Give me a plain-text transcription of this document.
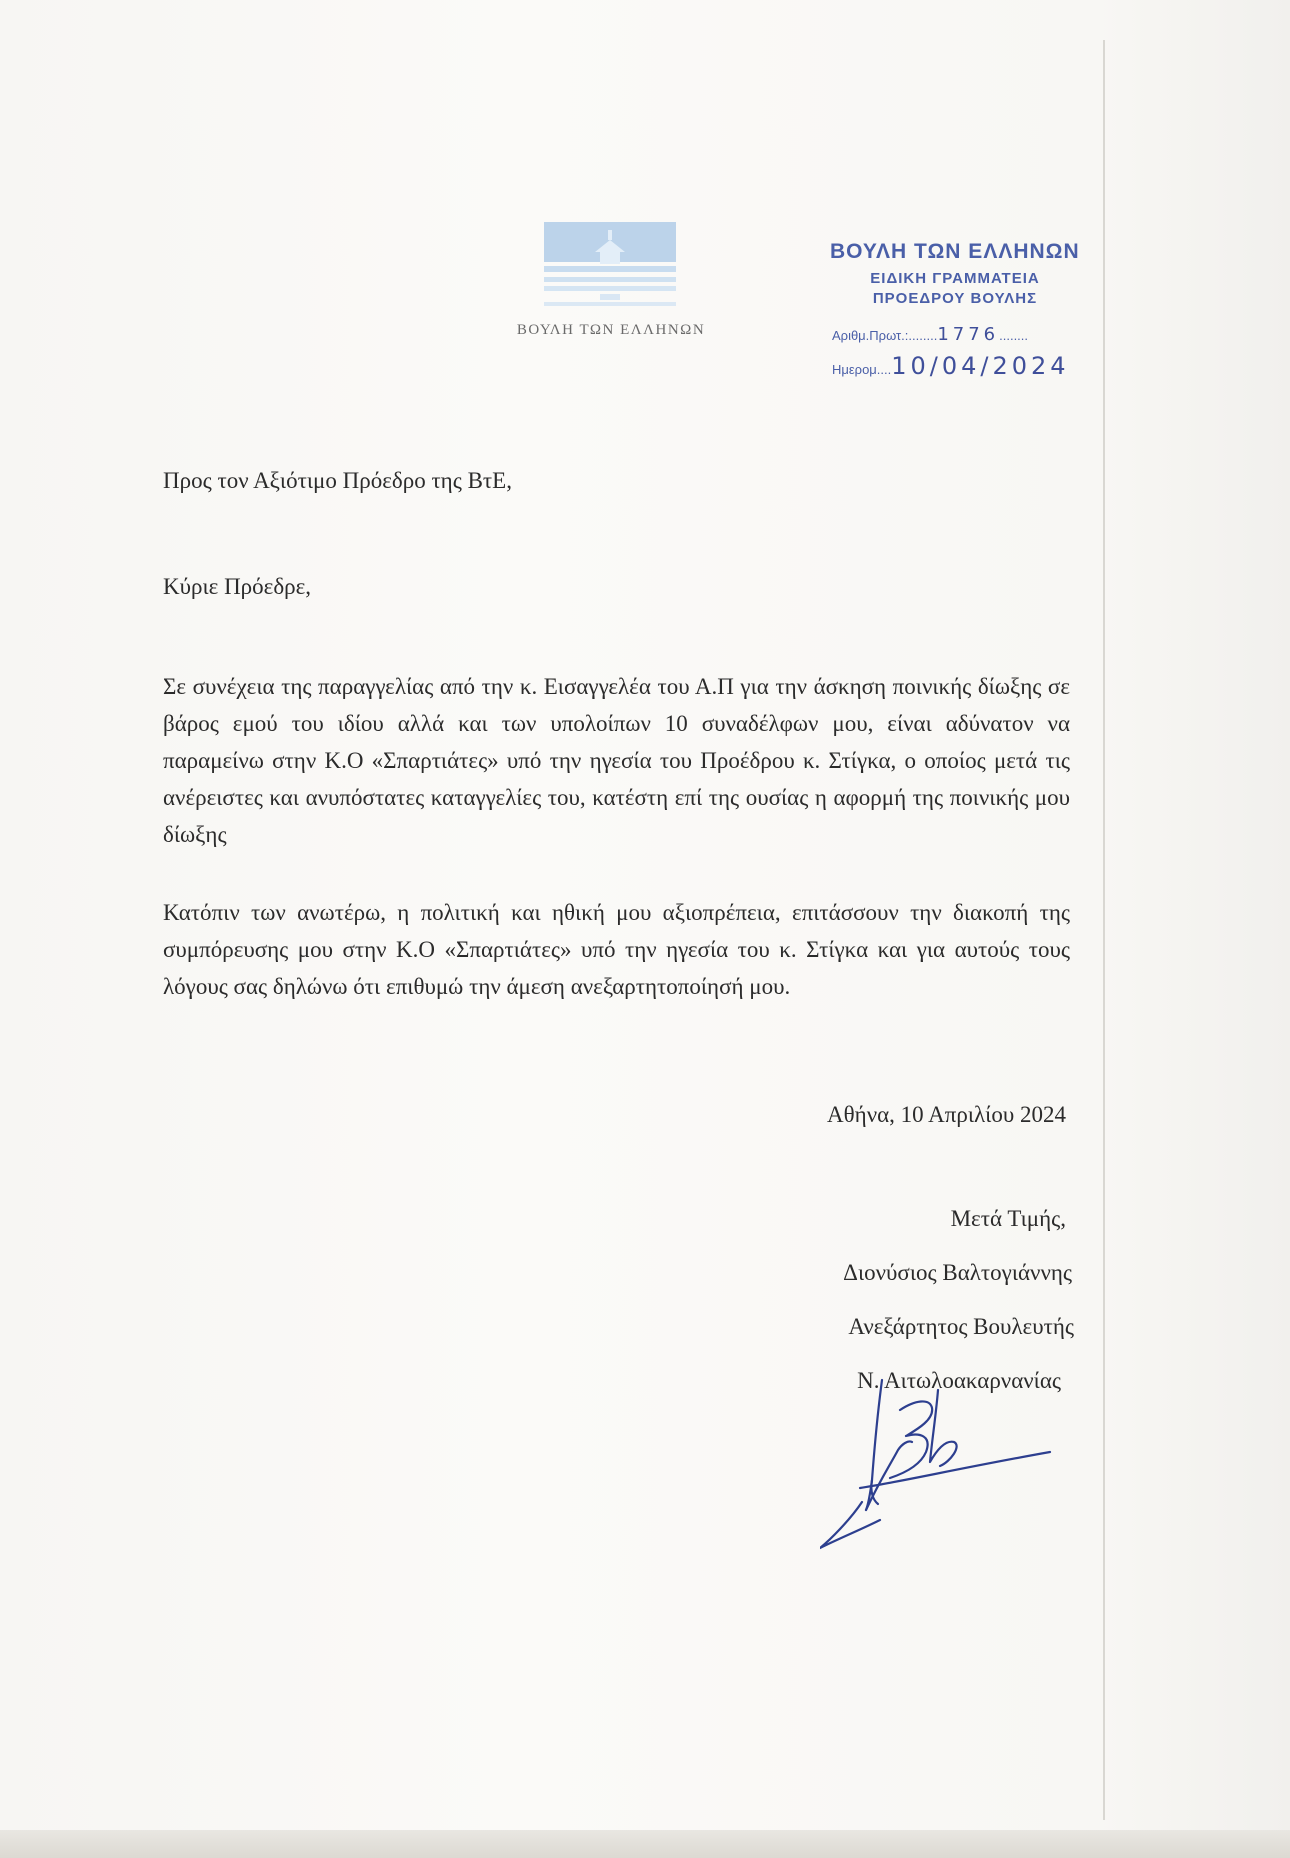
ΒΟΥΛΗ ΤΩΝ ΕΛΛΗΝΩΝ
ΒΟΥΛΗ ΤΩΝ ΕΛΛΗΝΩΝ
ΕΙΔΙΚΗ ΓΡΑΜΜΑΤΕΙΑ
ΠΡΟΕΔΡΟΥ ΒΟΥΛΗΣ
Αριθμ.Πρωτ.:........1776........
Ημερομ....10/04/2024
Προς τον Αξιότιμο Πρόεδρο της ΒτΕ,
Κύριε Πρόεδρε,
Σε συνέχεια της παραγγελίας από την κ. Εισαγγελέα του Α.Π για την άσκηση ποινικής δίωξης σε βάρος εμού του ιδίου αλλά και των υπολοίπων 10 συναδέλφων μου, είναι αδύνατον να παραμείνω στην Κ.Ο «Σπαρτιάτες» υπό την ηγεσία του Προέδρου κ. Στίγκα, ο οποίος μετά τις ανέρειστες και ανυπόστατες καταγγελίες του, κατέστη επί της ουσίας η αφορμή της ποινικής μου δίωξης
Κατόπιν των ανωτέρω, η πολιτική και ηθική μου αξιοπρέπεια, επιτάσσουν την διακοπή της συμπόρευσης μου στην Κ.Ο «Σπαρτιάτες» υπό την ηγεσία του κ. Στίγκα και για αυτούς τους λόγους σας δηλώνω ότι επιθυμώ την άμεση ανεξαρτητοποίησή μου.
Αθήνα, 10 Απριλίου 2024
Μετά Τιμής,
Διονύσιος Βαλτογιάννης
Ανεξάρτητος Βουλευτής
Ν. Αιτωλοακαρνανίας
